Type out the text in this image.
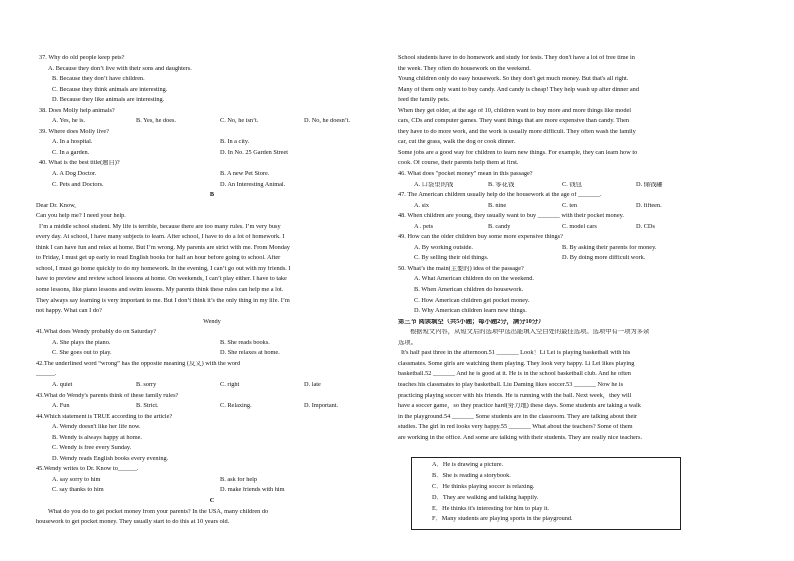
37. Why do old people keep pets?
A. Because they don’t live with their sons and daughters.
B. Because they don’t have children.
C. Because they think animals are interesting.
D. Because they like animals are interesting.
38. Does Molly help animals?
A. Yes, he is.	B. Yes, he does.	C. No, he isn’t.	D. No, he doesn’t.
39. Where does Molly live?
A. In a hospital.	B. In a city.
C. In a garden.	D. In No. 25 Garden Street
40. What is the best title(题目)?
A. A Dog Doctor.	B. A new Pet Store.
C. Pets and Doctors.	D. An Interesting Animal.
B
Dear Dr. Know,
Can you help me? I need your help.
I’m a middle school student. My life is terrible, because there are too many rules. I’m very busy
every day. At school, I have many subjects to learn. After school, I have to do a lot of homework. I
think I can have fun and relax at home. But I’m wrong. My parents are strict with me. From Monday
to Friday, I must get up early to read English books for half an hour before going to school. After
school, I must go home quickly to do my homework. In the evening, I can’t go out with my friends. I
have to preview and review school lessons at home. On weekends, I can’t play either. I have to take
some lessons, like piano lessons and swim lessons. My parents think these rules can help me a lot.
They always say learning is very important to me. But I don’t think it’s the only thing in my life. I’m
not happy. What can I do?
Wendy
41.What does Wendy probably do on Saturday?
A. She plays the piano.	B. She reads books.
C. She goes out to play.	D. She relaxes at home.
42.The underlined word “wrong” has the opposite meaning (反义) with the word
______.
A. quiet	B. sorry	C. right	D. late
43.What do Wendy's parents think of these family rules?
A. Fun	B. Strict.	C. Relaxing.	D. Important.
44.Which statement is TRUE according to the article?
A. Wendy doesn't like her life now.
B. Wendy is always happy at home.
C. Wendy is free every Sunday.
D. Wendy reads English books every evening.
45.Wendy writes to Dr. Know to______.
A. say sorry to him	B. ask for help
C. say thanks to him	D. make friends with him
C
What do you do to get pocket money from your parents? In the USA, many children do
housework to get pocket money. They usually start to do this at 10 years old.
School students have to do homework and study for tests. They don't have a lot of free time in
the week. They often do housework on the weekend.
Young children only do easy housework. So they don't get much money. But that's all right.
Many of them only want to buy candy. And candy is cheap! They help wash up after dinner and
feed the family pets.
When they get older, at the age of 10, children want to buy more and more things like model
cars, CDs and computer games. They want things that are more expensive than candy. Then
they have to do more work, and the work is usually more difficult. They often wash the family
car, cut the grass, walk the dog or cook dinner.
Some jobs are a good way for children to learn new things. For example, they can learn how to
cook. Of course, their parents help them at first.
46. What does "pocket money" mean in this passage?
A. 口袋里的钱	B. 零花钱	C. 钱包	D. 储钱罐
47. The American children usually help do the housework at the age of _______.
A. six	B. nine	C. ten	D. fifteen.
48. When children are young, they usually want to buy _______ with their pocket money.
A . pets	B. candy	C. model cars	D. CDs
49. How can the older children buy some more expensive things?
A. By working outside.	B. By asking their parents for money.
C. By selling their old things.	D. By doing more difficult work.
50. What’s the main(主要的) idea of the passage?
A. What American children do on the weekend.
B. When American children do housework.
C. How American children get pocket money.
D. Why American children learn new things.
第三节 阅读填空（共5小题；每小题2分，满分10分）
根据短文内容，从短文后的选项中选出能填入空白处的最佳选项。选项中有一项为多余
选项。
It's half past three in the afternoon.51 _______ Look！Li Lei is playing basketball with his
classmates. Some girls are watching them playing. They look very happy. Li Lei likes playing
basketball.52 _______ And he is good at it. He is in the school basketball club. And he often
teaches his classmates to play basketball. Liu Daming likes soccer.53 _______ Now he is
practicing playing soccer with his friends. He is running with the ball. Next week，they will
have a soccer game，so they practice hard(努力地) these days. Some students are taking a walk
in the playground.54 _______ Some students are in the classroom. They are talking about their
studies. The girl in red looks very happy.55 _______ What about the teachers? Some of them
are working in the office. And some are talking with their students. They are really nice teachers.
A．He is drawing a picture.
B．She is reading a storybook.
C．He thinks playing soccer is relaxing.
D．They are walking and talking happily.
E．He thinks it's interesting for him to play it.
F．Many students are playing sports in the playground.
